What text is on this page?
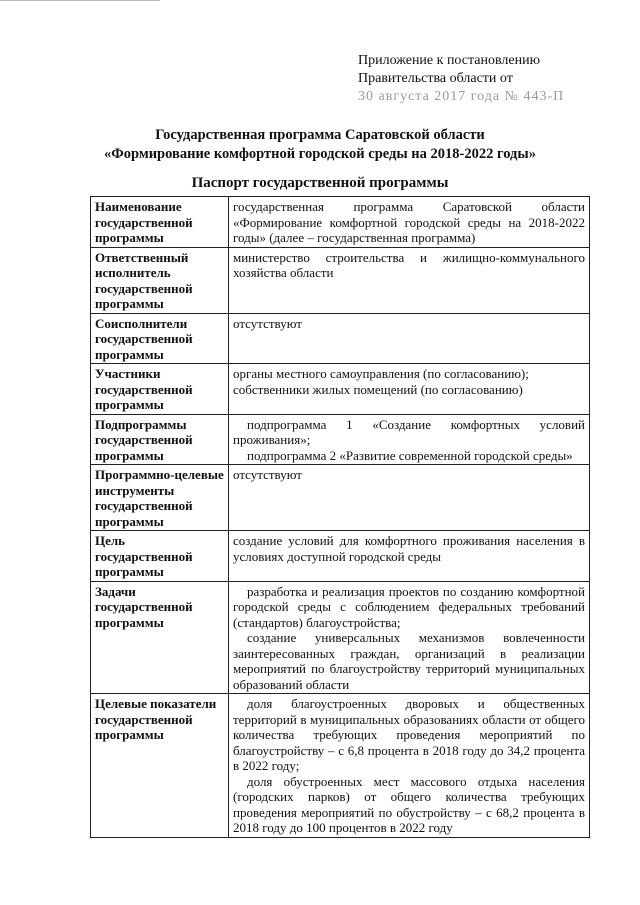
Приложение к постановлению
Правительства области от
30 августа 2017 года № 443-П
Государственная программа Саратовской области
«Формирование комфортной городской среды на 2018-2022 годы»
Паспорт государственной программы
Наименование государственной программы	государственная программа Саратовской области «Формирование комфортной городской среды на 2018-2022 годы» (далее – государственная программа)

Ответственный исполнитель государственной программы	министерство строительства и жилищно-коммунального хозяйства области

Соисполнители государственной программы	отсутствуют

Участники государственной программы	органы местного самоуправления (по согласованию);
собственники жилых помещений (по согласованию)

Подпрограммы государственной программы	подпрограмма 1 «Создание комфортных условий проживания»;
подпрограмма 2 «Развитие современной городской среды»

Программно-целевые инструменты государственной программы	отсутствуют

Цель государственной программы	создание условий для комфортного проживания населения в условиях доступной городской среды

Задачи государственной программы	разработка и реализация проектов по созданию комфортной городской среды с соблюдением федеральных требований (стандартов) благоустройства;
создание универсальных механизмов вовлеченности заинтересованных граждан, организаций в реализации мероприятий по благоустройству территорий муниципальных образований области

Целевые показатели государственной программы	доля благоустроенных дворовых и общественных территорий в муниципальных образованиях области от общего количества требующих проведения мероприятий по благоустройству – с 6,8 процента в 2018 году до 34,2 процента в 2022 году;
доля обустроенных мест массового отдыха населения (городских парков) от общего количества требующих проведения мероприятий по обустройству – с 68,2 процента в 2018 году до 100 процентов в 2022 году
